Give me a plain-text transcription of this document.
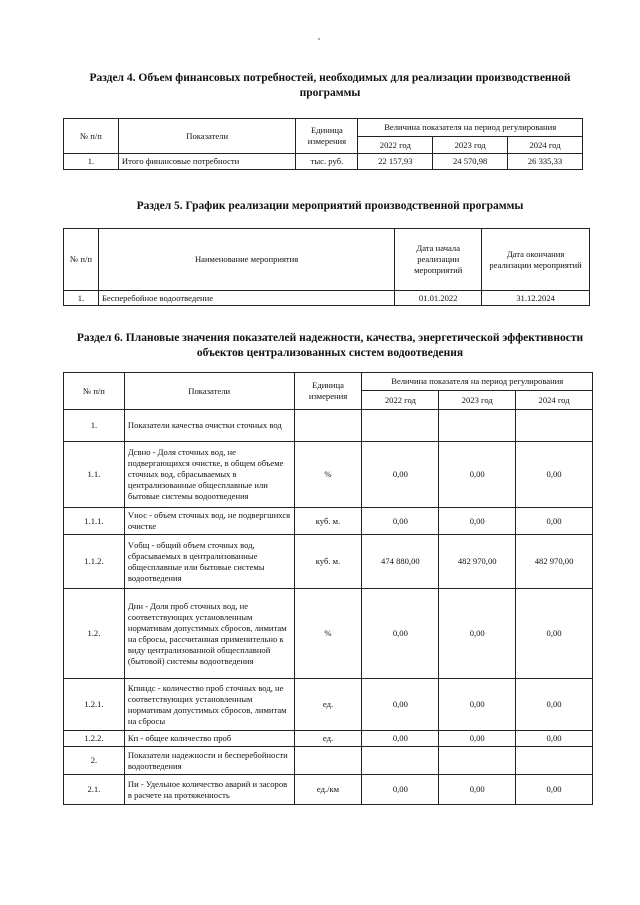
Раздел 4. Объем финансовых потребностей, необходимых для реализации производственной
программы
№ п/п	Показатели	Единица измерения	Величина показателя на период регулирования		
			2022 год	2023 год	2024 год
1.	Итого финансовые потребности	тыс. руб.	22 157,93	24 570,98	26 335,33
Раздел 5. График реализации мероприятий производственной программы
№ п/п	Наименование мероприятия	Дата начала реализации мероприятий	Дата окончания реализации мероприятий
1.	Бесперебойное водоотведение	01.01.2022	31.12.2024
Раздел 6. Плановые значения показателей надежности, качества, энергетической эффективности
объектов централизованных систем водоотведения
№ п/п	Показатели	Единица измерения	Величина показателя на период регулирования		
			2022 год	2023 год	2024 год
1.	Показатели качества очистки сточных вод				
1.1.	Дсвно - Доля сточных вод, не подвергающихся очистке, в общем объеме сточных вод, сбрасываемых в централизованные общесплавные или бытовые системы водоотведения	%	0,00	0,00	0,00
1.1.1.	Vнос - объем сточных вод, не подвергшихся очистке	куб. м.	0,00	0,00	0,00
1.1.2.	Vобщ - общий объем сточных вод, сбрасываемых в централизованные общесплавные или бытовые системы водоотведения	куб. м.	474 880,00	482 970,00	482 970,00
1.2.	Днн - Доля проб сточных вод, не соответствующих установленным нормативам допустимых сбросов, лимитам на сбросы, рассчитанная применительно к виду централизованной общесплавной (бытовой) системы водоотведения	%	0,00	0,00	0,00
1.2.1.	Кпнндс - количество проб сточных вод, не соответствующих установленным нормативам допустимых сбросов, лимитам на сбросы	ед.	0,00	0,00	0,00
1.2.2.	Кп - общее количество проб	ед.	0,00	0,00	0,00
2.	Показатели надежности и бесперебойности водоотведения				
2.1.	Пи - Удельное количество аварий и засоров в расчете на протяженность	ед./км	0,00	0,00	0,00
